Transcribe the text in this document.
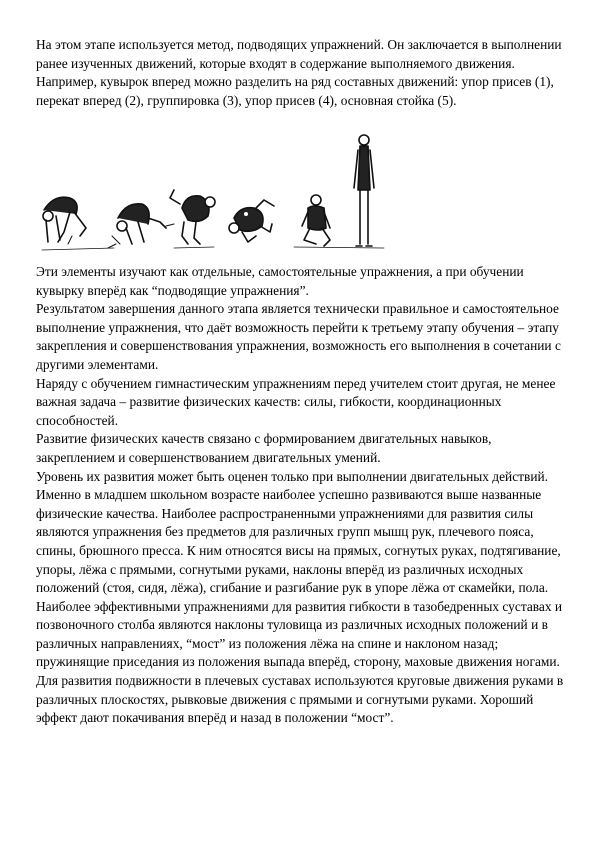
На этом этапе используется метод, подводящих упражнений. Он заключается в выполнении ранее изученных движений, которые входят в содержание выполняемого движения. Например, кувырок вперед можно разделить на ряд составных движений: упор присев (1), перекат вперед (2), группировка (3), упор присев (4), основная стойка (5).

Эти элементы изучают как отдельные, самостоятельные упражнения, а при обучении кувырку вперёд как “подводящие упражнения”.

Результатом завершения данного этапа является технически правильное и самостоятельное выполнение упражнения, что даёт возможность перейти к третьему этапу обучения – этапу закрепления и совершенствования упражнения, возможность его выполнения в сочетании с другими элементами.

Наряду с обучением гимнастическим упражнениям перед учителем стоит другая, не менее важная задача – развитие физических качеств: силы, гибкости, координационных способностей.

Развитие физических качеств связано с формированием двигательных навыков, закреплением и совершенствованием двигательных умений.

Уровень их развития может быть оценен только при выполнении двигательных действий.

Именно в младшем школьном возрасте наиболее успешно развиваются выше названные физические качества. Наиболее распространенными упражнениями для развития силы являются упражнения без предметов для различных групп мышц рук, плечевого пояса, спины, брюшного пресса. К ним относятся висы на прямых, согнутых руках, подтягивание, упоры, лёжа с прямыми, согнутыми руками, наклоны вперёд из различных исходных положений (стоя, сидя, лёжа), сгибание и разгибание рук в упоре лёжа от скамейки, пола.

Наиболее эффективными упражнениями для развития гибкости в тазобедренных суставах и позвоночного столба являются наклоны туловища из различных исходных положений и в различных направлениях, “мост” из положения лёжа на спине и наклоном назад; пружинящие приседания из положения выпада вперёд, сторону, маховые движения ногами. Для развития подвижности в плечевых суставах используются круговые движения руками в различных плоскостях, рывковые движения с прямыми и согнутыми руками. Хороший эффект дают покачивания вперёд и назад в положении “мост”.
